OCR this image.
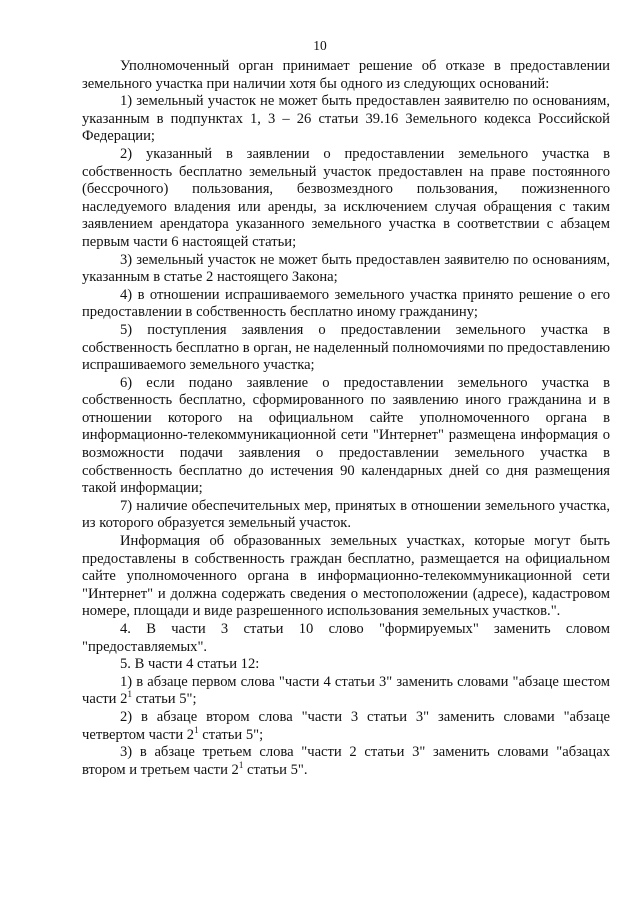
10

Уполномоченный орган принимает решение об отказе в предоставлении земельного участка при наличии хотя бы одного из следующих оснований:

1) земельный участок не может быть предоставлен заявителю по основаниям, указанным в подпунктах 1, 3 – 26 статьи 39.16 Земельного кодекса Российской Федерации;

2) указанный в заявлении о предоставлении земельного участка в собственность бесплатно земельный участок предоставлен на праве постоянного (бессрочного) пользования, безвозмездного пользования, пожизненного наследуемого владения или аренды, за исключением случая обращения с таким заявлением арендатора указанного земельного участка в соответствии с абзацем первым части 6 настоящей статьи;

3) земельный участок не может быть предоставлен заявителю по основаниям, указанным в статье 2 настоящего Закона;

4) в отношении испрашиваемого земельного участка принято решение о его предоставлении в собственность бесплатно иному гражданину;

5) поступления заявления о предоставлении земельного участка в собственность бесплатно в орган, не наделенный полномочиями по предоставлению испрашиваемого земельного участка;

6) если подано заявление о предоставлении земельного участка в собственность бесплатно, сформированного по заявлению иного гражданина и в отношении которого на официальном сайте уполномоченного органа в информационно-телекоммуникационной сети "Интернет" размещена информация о возможности подачи заявления о предоставлении земельного участка в собственность бесплатно до истечения 90 календарных дней со дня размещения такой информации;

7) наличие обеспечительных мер, принятых в отношении земельного участка, из которого образуется земельный участок.

Информация об образованных земельных участках, которые могут быть предоставлены в собственность граждан бесплатно, размещается на официальном сайте уполномоченного органа в информационно-телекоммуникационной сети "Интернет" и должна содержать сведения о местоположении (адресе), кадастровом номере, площади и виде разрешенного использования земельных участков.".

4. В части 3 статьи 10 слово "формируемых" заменить словом "предоставляемых".

5. В части 4 статьи 12:

1) в абзаце первом слова "части 4 статьи 3" заменить словами "абзаце шестом части $2^1$ статьи 5";

2) в абзаце втором слова "части 3 статьи 3" заменить словами "абзаце четвертом части $2^1$ статьи 5";

3) в абзаце третьем слова "части 2 статьи 3" заменить словами "абзацах втором и третьем части $2^1$ статьи 5".
